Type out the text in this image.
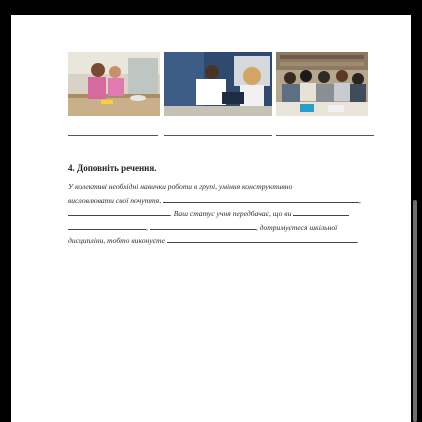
4. Доповніть речення.
У колективі необхідні навички роботи в групі, уміння конструктивно
висловлювати свої почуття,	,
. Ваш статус учня передбачає, що ви
,	, дотримуєтеся шкільної
дисципліни, тобто виконуєте	.
